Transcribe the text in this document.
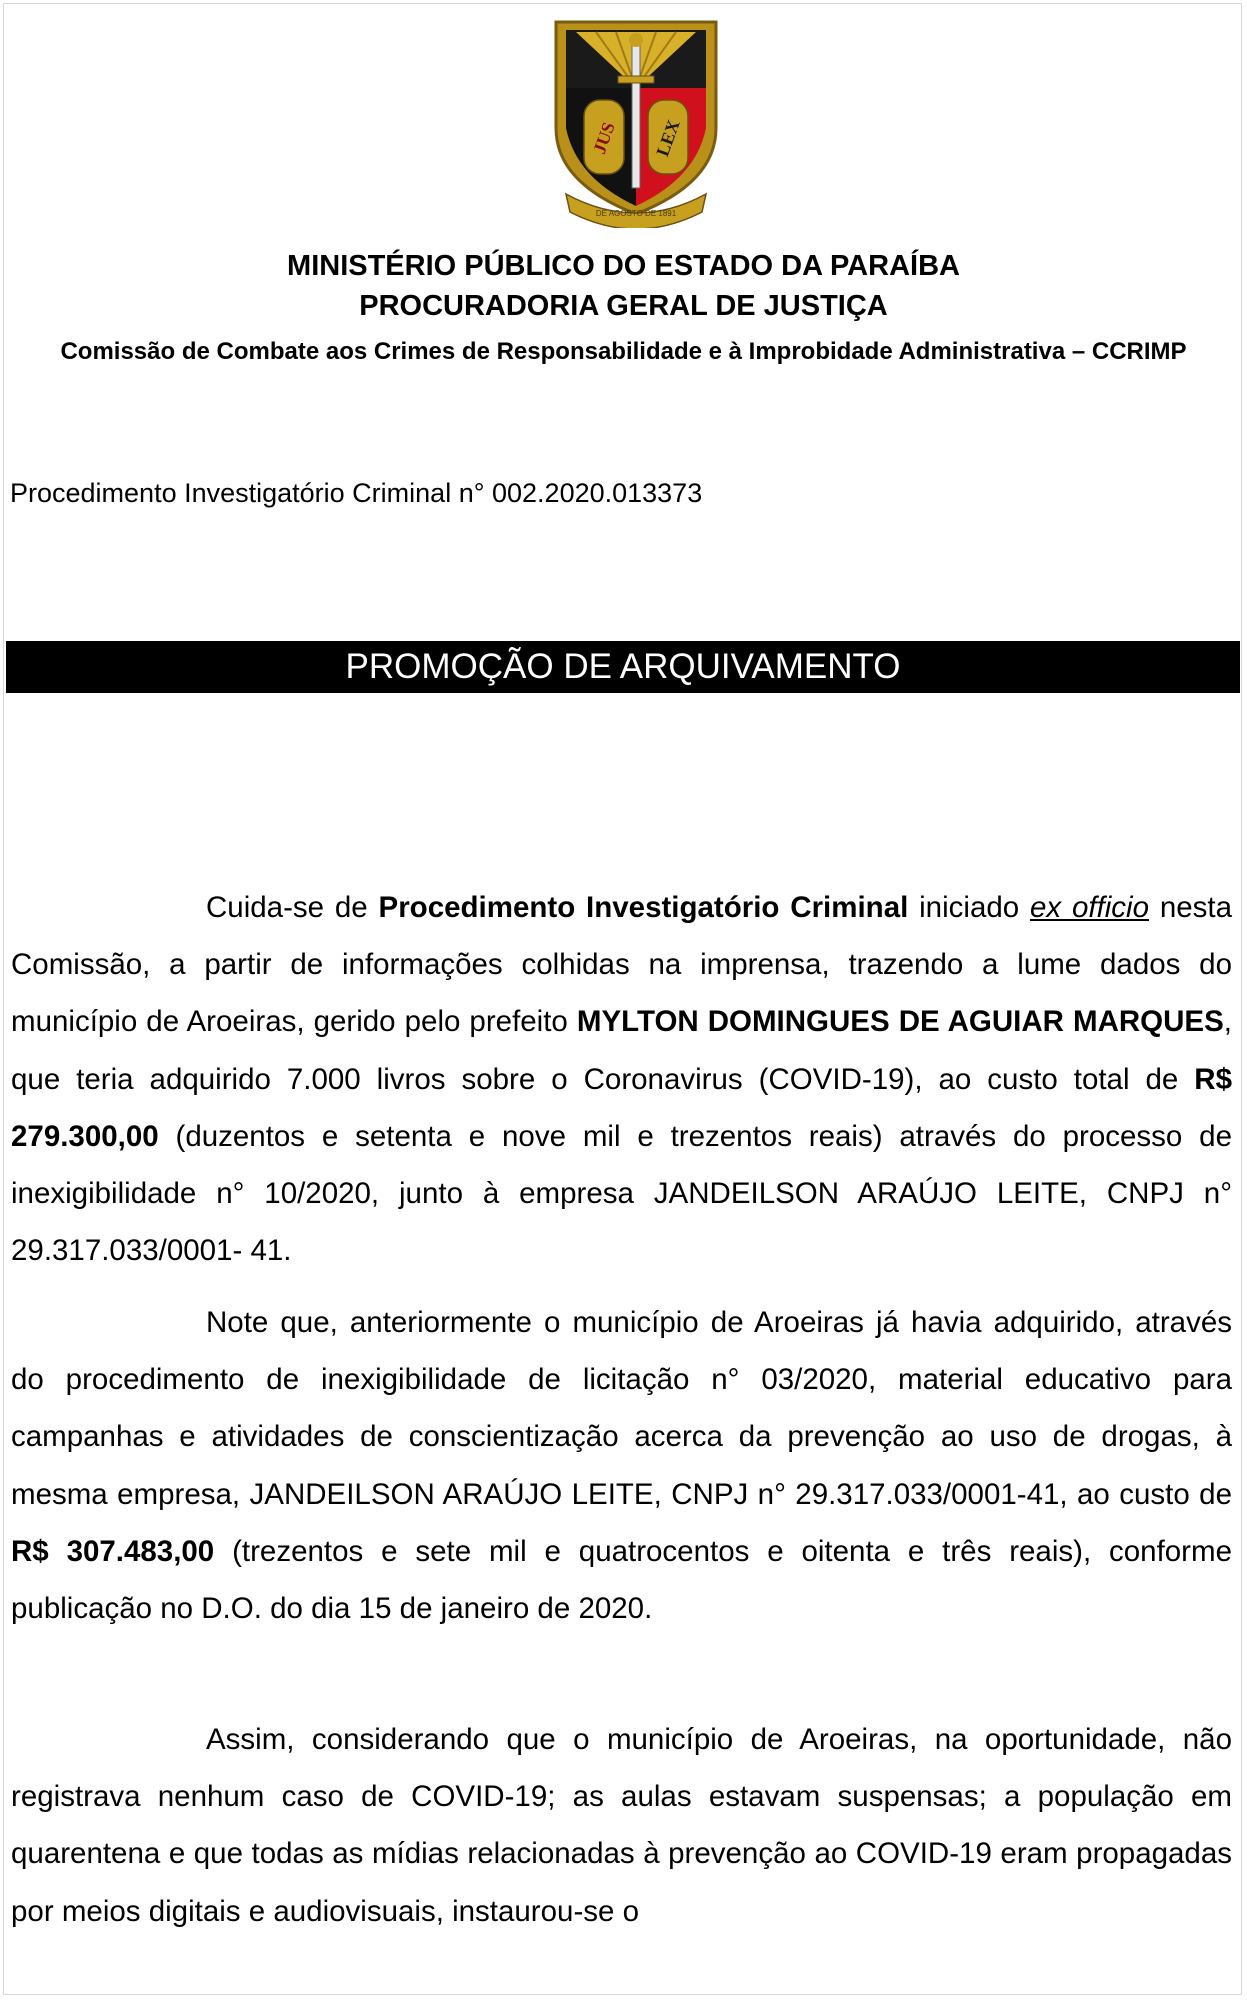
JUS LEX
DE AGOSTO DE 1891
MINISTÉRIO PÚBLICO DO ESTADO DA PARAÍBA
PROCURADORIA GERAL DE JUSTIÇA
Comissão de Combate aos Crimes de Responsabilidade e à Improbidade Administrativa – CCRIMP
Procedimento Investigatório Criminal n° 002.2020.013373
PROMOÇÃO DE ARQUIVAMENTO

Cuida-se de Procedimento Investigatório Criminal iniciado ex officio nesta Comissão, a partir de informações colhidas na imprensa, trazendo a lume dados do município de Aroeiras, gerido pelo prefeito MYLTON DOMINGUES DE AGUIAR MARQUES, que teria adquirido 7.000 livros sobre o Coronavirus (COVID-19), ao custo total de R$ 279.300,00 (duzentos e setenta e nove mil e trezentos reais) através do processo de inexigibilidade n° 10/2020, junto à empresa JANDEILSON ARAÚJO LEITE, CNPJ n° 29.317.033/0001- 41.

Note que, anteriormente o município de Aroeiras já havia adquirido, através do procedimento de inexigibilidade de licitação n° 03/2020, material educativo para campanhas e atividades de conscientização acerca da prevenção ao uso de drogas, à mesma empresa, JANDEILSON ARAÚJO LEITE, CNPJ n° 29.317.033/0001-41, ao custo de R$ 307.483,00 (trezentos e sete mil e quatrocentos e oitenta e três reais), conforme publicação no D.O. do dia 15 de janeiro de 2020.

Assim, considerando que o município de Aroeiras, na oportunidade, não registrava nenhum caso de COVID-19; as aulas estavam suspensas; a população em quarentena e que todas as mídias relacionadas à prevenção ao COVID-19 eram propagadas por meios digitais e audiovisuais, instaurou-se o
